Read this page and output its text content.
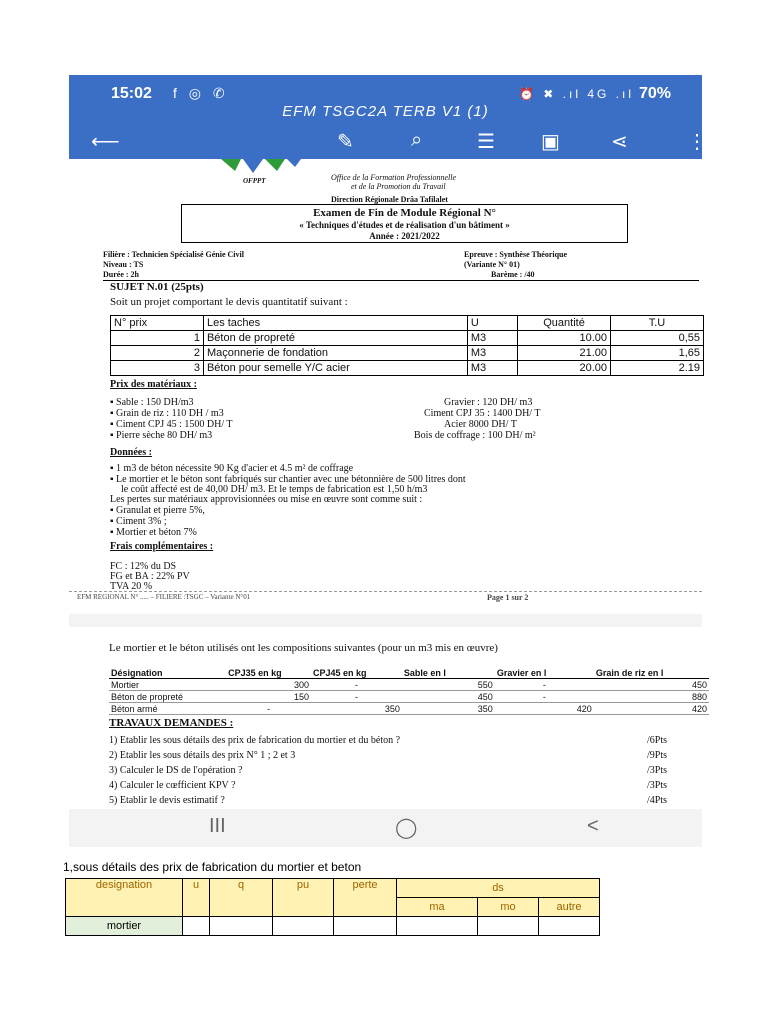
15:02 f ◎ ✆	⏰ ✖ .ıl 4G .ıl 70%
EFM TSGC2A TERB V1 (1)
⟵	✎	⌕	☰ ▣	⋖	⋮
OFPPT	Office de la Formation Professionnelle
et de la Promotion du Travail
Direction Régionale Drâa Tafilalet
Examen de Fin de Module Régional N°
« Techniques d'études et de réalisation d'un bâtiment »
Année : 2021/2022
Filière : Technicien Spécialisé Génie Civil
Niveau : TS
Durée : 2h
Epreuve : Synthèse Théorique
(Variante N° 01)
Barème : /40
SUJET N.01 (25pts)
Soit un projet comportant le devis quantitatif suivant :
N° prix	Les taches	U	Quantité	T.U
1	Béton de propreté	M3	10.00	0,55
2	Maçonnerie de fondation	M3	21.00	1,65
3	Béton pour semelle Y/C acier	M3	20.00	2.19
Prix des matériaux :
▪ Sable : 150 DH/m3
▪ Grain de riz : 110 DH / m3
▪ Ciment CPJ 45 : 1500 DH/ T
▪ Pierre sèche 80 DH/ m3
Gravier : 120 DH/ m3
Ciment CPJ 35 : 1400 DH/ T
Acier 8000 DH/ T
Bois de coffrage : 100 DH/ m²
Données :
▪ 1 m3 de béton nécessite 90 Kg d'acier et 4.5 m² de coffrage
▪ Le mortier et le béton sont fabriqués sur chantier avec une bétonnière de 500 litres dont
le coût affecté est de 40,00 DH/ m3. Et le temps de fabrication est 1,50 h/m3
Les pertes sur matériaux approvisionnées ou mise en œuvre sont comme suit :
▪ Granulat et pierre 5%,
▪ Ciment 3% ;
▪ Mortier et béton 7%
Frais complémentaires :
FC : 12% du DS
FG et BA : 22% PV
TVA 20 %
EFM REGIONAL N° ..... – FILIERE :TSGC – Variante N°01	Page 1 sur 2
Le mortier et le béton utilisés ont les compositions suivantes (pour un m3 mis en œuvre)
Désignation	CPJ35 en kg	CPJ45 en kg	Sable en l	Gravier en l	Grain de riz en l
Mortier	300	-	550	-	450
Béton de propreté	150	-	450	-	880
Béton armé	-	350	350	420	420
TRAVAUX DEMANDES :
1) Etablir les sous détails des prix de fabrication du mortier et du béton ?	/6Pts
2) Etablir les sous détails des prix N° 1 ; 2 et 3	/9Pts
3) Calculer le DS de l'opération ?	/3Pts
4) Calculer le cœfficient KPV ?	/3Pts
5) Etablir le devis estimatif ?	/4Pts
III	◯	<
1,sous détails des prix de fabrication du mortier et beton
designation	u	q	pu	perte	ds		
					ma	mo	autre
mortier							
